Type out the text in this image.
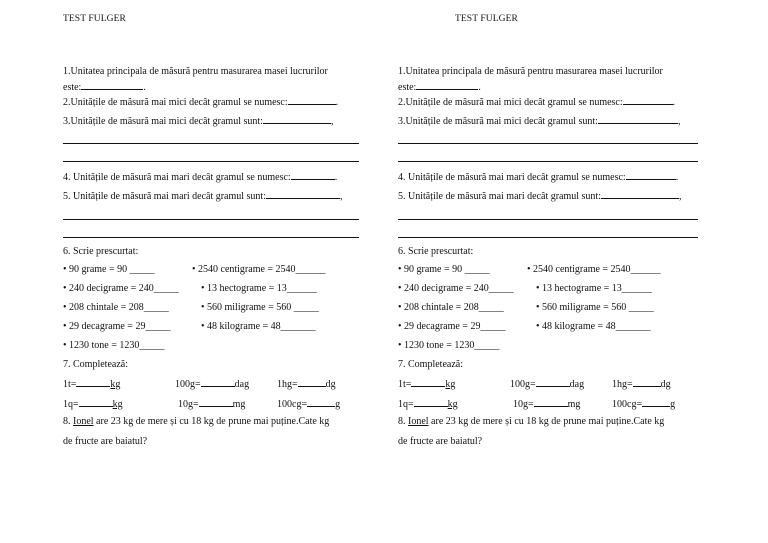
TEST FULGER
1.Unitatea principala de măsură pentru masurarea masei lucrurilor
este:	.
2.Unitățile de măsură mai mici decât gramul se numesc:	.
3.Unitățile de măsură mai mici decât gramul sunt:	,
4. Unitățile de măsură mai mari decât gramul se numesc:	.
5. Unitățile de măsură mai mari decât gramul sunt:	,
6. Scrie prescurtat:
• 90 grame = 90 _____	• 2540 centigrame = 2540______
• 240 decigrame = 240_____ • 13 hectograme = 13______
• 208 chintale = 208_____	• 560 miligrame = 560 _____
• 29 decagrame = 29_____	• 48 kilograme = 48_______
• 1230 tone = 1230_____
7. Completează:
1t=	kg	100g=	dag	1hg=	dg
1q=	kg	10g=	mg	100cg=	g
8. Ionel are 23 kg de mere și cu 18 kg de prune mai puține.Cate kg
de fructe are baiatul?
TEST FULGER
1.Unitatea principala de măsură pentru masurarea masei lucrurilor
este:	.
2.Unitățile de măsură mai mici decât gramul se numesc:	.
3.Unitățile de măsură mai mici decât gramul sunt:	,
4. Unitățile de măsură mai mari decât gramul se numesc:	.
5. Unitățile de măsură mai mari decât gramul sunt:	,
6. Scrie prescurtat:
• 90 grame = 90 _____	• 2540 centigrame = 2540______
• 240 decigrame = 240_____ • 13 hectograme = 13______
• 208 chintale = 208_____	• 560 miligrame = 560 _____
• 29 decagrame = 29_____	• 48 kilograme = 48_______
• 1230 tone = 1230_____
7. Completează:
1t=	kg	100g=	dag	1hg=	dg
1q=	kg	10g=	mg	100cg=	g
8. Ionel are 23 kg de mere și cu 18 kg de prune mai puține.Cate kg
de fructe are baiatul?
